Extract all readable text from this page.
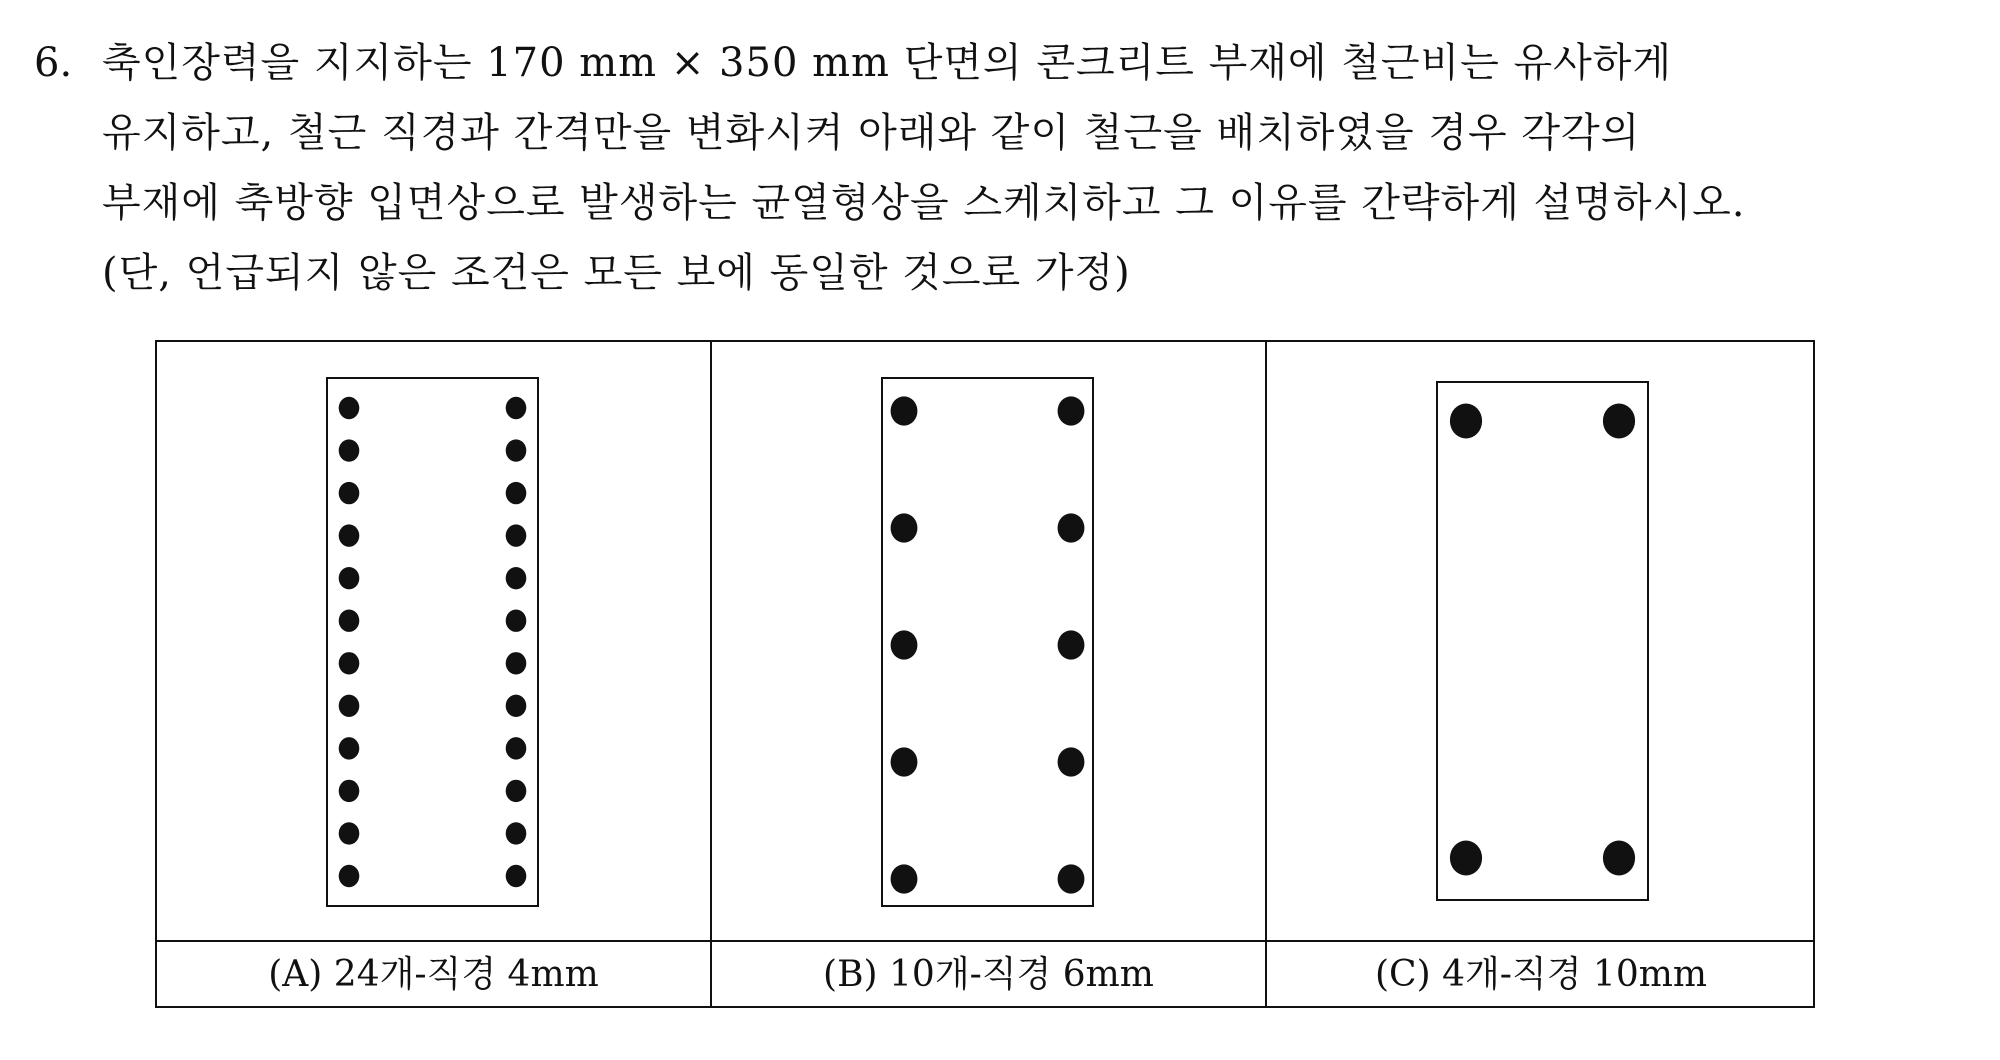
6. 축인장력을 지지하는 170 mm × 350 mm 단면의 콘크리트 부재에 철근비는 유사하게
유지하고, 철근 직경과 간격만을 변화시켜 아래와 같이 철근을 배치하였을 경우 각각의
부재에 축방향 입면상으로 발생하는 균열형상을 스케치하고 그 이유를 간략하게 설명하시오.
(단, 언급되지 않은 조건은 모든 보에 동일한 것으로 가정)
(A) 24개-직경 4mm	(B) 10개-직경 6mm	(C) 4개-직경 10mm
